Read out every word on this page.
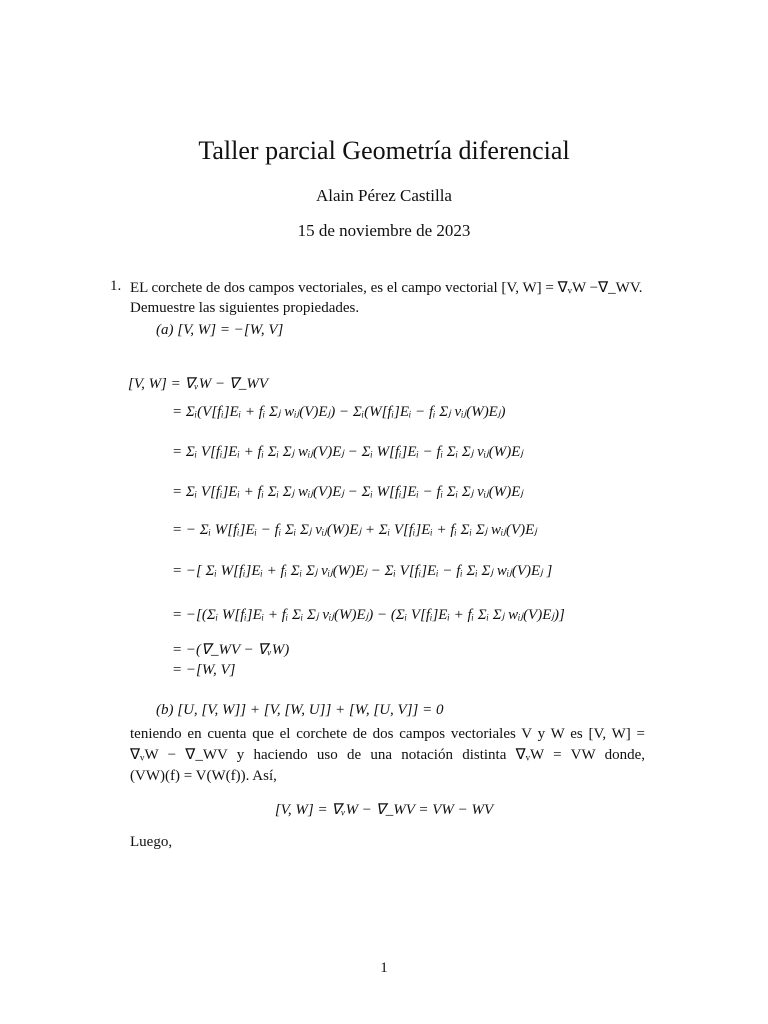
Taller parcial Geometría diferencial
Alain Pérez Castilla
15 de noviembre de 2023
1. EL corchete de dos campos vectoriales, es el campo vectorial [V, W] = ∇ᵥW −∇_WV.
Demuestre las siguientes propiedades.
(a) [V, W] = −[W, V]
[V, W] = ∇ᵥW − ∇_WV
= Σᵢ(V[fᵢ]Eᵢ + fᵢ Σⱼ wᵢⱼ(V)Eⱼ) − Σᵢ(W[fᵢ]Eᵢ − fᵢ Σⱼ vᵢⱼ(W)Eⱼ)
= Σᵢ V[fᵢ]Eᵢ + fᵢ Σᵢ Σⱼ wᵢⱼ(V)Eⱼ − Σᵢ W[fᵢ]Eᵢ − fᵢ Σᵢ Σⱼ vᵢⱼ(W)Eⱼ
= Σᵢ V[fᵢ]Eᵢ + fᵢ Σᵢ Σⱼ wᵢⱼ(V)Eⱼ − Σᵢ W[fᵢ]Eᵢ − fᵢ Σᵢ Σⱼ vᵢⱼ(W)Eⱼ
= − Σᵢ W[fᵢ]Eᵢ − fᵢ Σᵢ Σⱼ vᵢⱼ(W)Eⱼ + Σᵢ V[fᵢ]Eᵢ + fᵢ Σᵢ Σⱼ wᵢⱼ(V)Eⱼ
= −[ Σᵢ W[fᵢ]Eᵢ + fᵢ Σᵢ Σⱼ vᵢⱼ(W)Eⱼ − Σᵢ V[fᵢ]Eᵢ − fᵢ Σᵢ Σⱼ wᵢⱼ(V)Eⱼ ]
= −[(Σᵢ W[fᵢ]Eᵢ + fᵢ Σᵢ Σⱼ vᵢⱼ(W)Eⱼ) − (Σᵢ V[fᵢ]Eᵢ + fᵢ Σᵢ Σⱼ wᵢⱼ(V)Eⱼ)]
= −(∇_WV − ∇ᵥW)
= −[W, V]
(b) [U, [V, W]] + [V, [W, U]] + [W, [U, V]] = 0
teniendo en cuenta que el corchete de dos campos vectoriales V y W es [V, W] =
∇ᵥW − ∇_WV y haciendo uso de una notación distinta ∇ᵥW = VW donde,
(VW)(f) = V(W(f)). Así,
[V, W] = ∇ᵥW − ∇_WV = VW − WV
Luego,
1
